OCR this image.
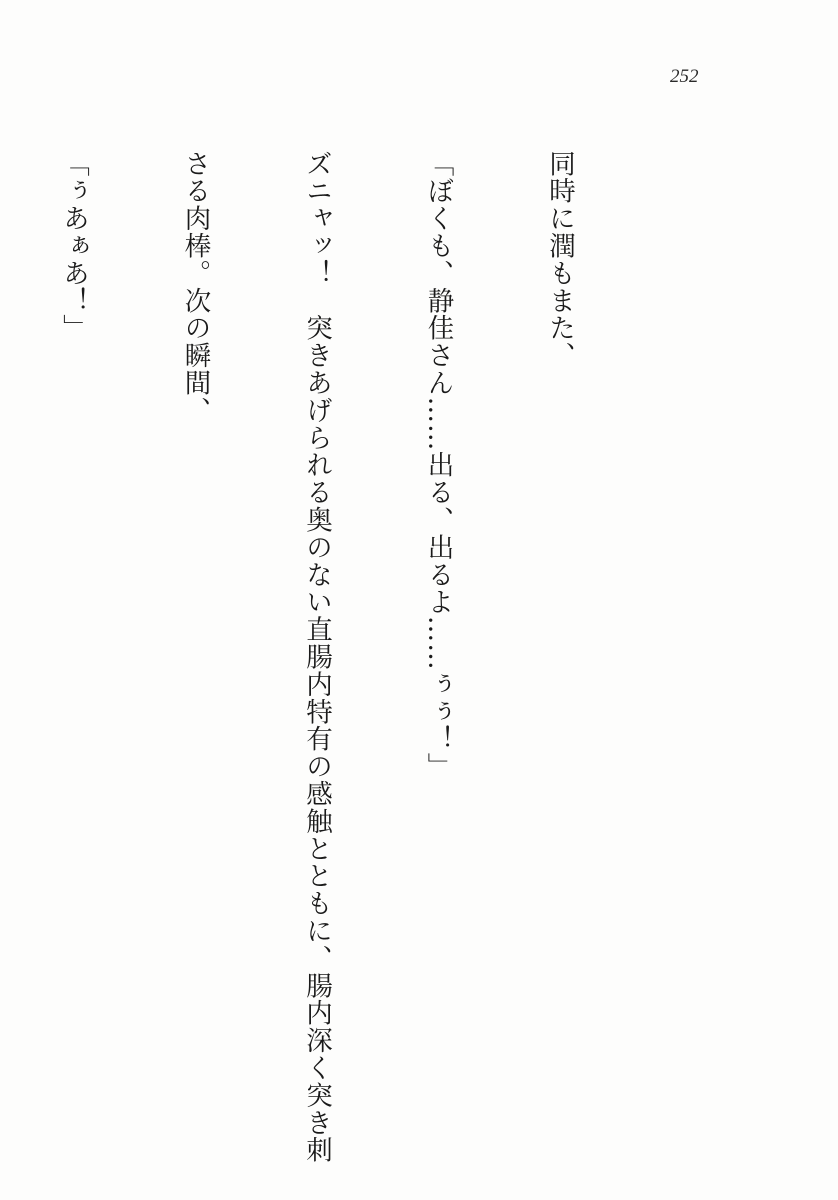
252

同時に潤もまた、

「ぼくも、静佳さん……出る、出るよ……ぅぅ！」

ズニャッ！　突きあげられる奥のない直腸内特有の感触とともに、腸内深く突き刺

さる肉棒。次の瞬間、

「ぅあぁあ！」
